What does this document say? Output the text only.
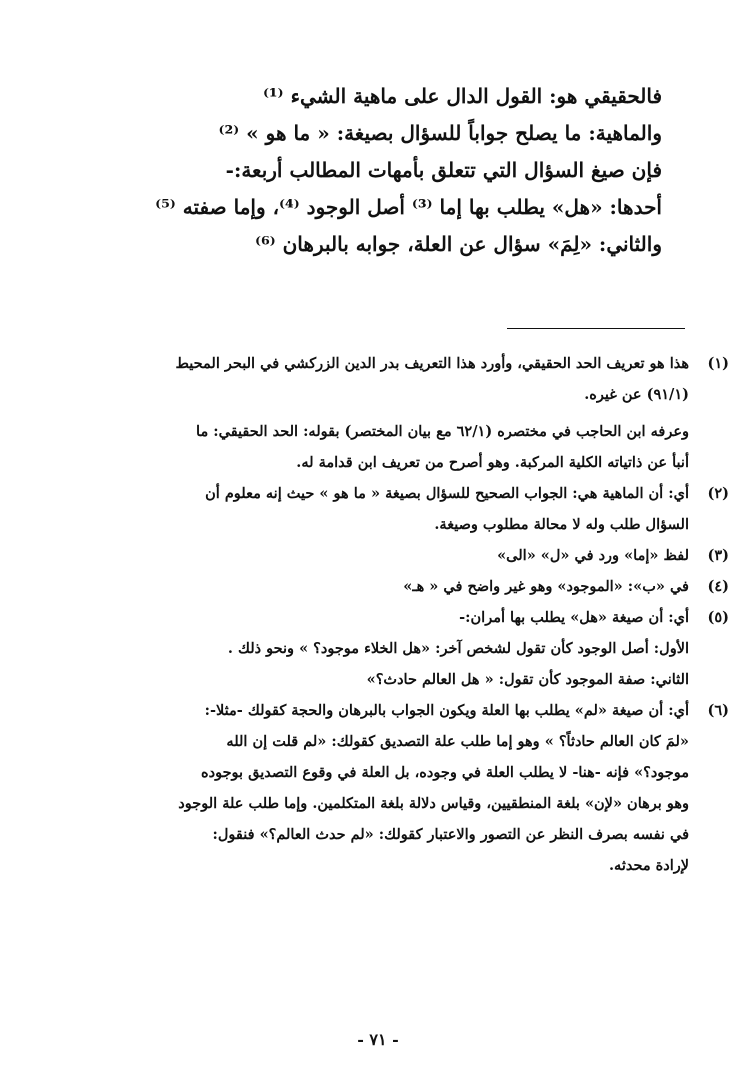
فالحقيقي هو: القول الدال على ماهية الشيء ⁽¹⁾
والماهية: ما يصلح جواباً للسؤال بصيغة: « ما هو » ⁽²⁾
فإن صيغ السؤال التي تتعلق بأمهات المطالب أربعة:-
أحدها: «هل» يطلب بها إما ⁽³⁾ أصل الوجود ⁽⁴⁾، وإما صفته ⁽⁵⁾
والثاني: «لِمَ» سؤال عن العلة، جوابه بالبرهان ⁽⁶⁾
(١)
هذا هو تعريف الحد الحقيقي، وأورد هذا التعريف بدر الدين الزركشي في البحر المحيط
(٩١/١) عن غيره.
وعرفه ابن الحاجب في مختصره (٦٢/١ مع بيان المختصر) بقوله: الحد الحقيقي: ما
أنبأ عن ذاتياته الكلية المركبة. وهو أصرح من تعريف ابن قدامة له.
(٢)
أي: أن الماهية هي: الجواب الصحيح للسؤال بصيغة « ما هو » حيث إنه معلوم أن
السؤال طلب وله لا محالة مطلوب وصيغة.
(٣)
لفظ «إما» ورد في «ل» «الى»
(٤)
في «ب»: «الموجود» وهو غير واضح في « هـ»
(٥)
أي: أن صيغة «هل» يطلب بها أمران:-
الأول: أصل الوجود كأن تقول لشخص آخر: «هل الخلاء موجود؟ » ونحو ذلك .
الثاني: صفة الموجود كأن تقول: « هل العالم حادث؟»
(٦)
أي: أن صيغة «لم» يطلب بها العلة ويكون الجواب بالبرهان والحجة كقولك -مثلا-:
«لمَ كان العالم حادثاً؟ » وهو إما طلب علة التصديق كقولك: «لم قلت إن الله
موجود؟» فإنه -هنا- لا يطلب العلة في وجوده، بل العلة في وقوع التصديق بوجوده
وهو برهان «لإن» بلغة المنطقيين، وقياس دلالة بلغة المتكلمين. وإما طلب علة الوجود
في نفسه بصرف النظر عن التصور والاعتبار كقولك: «لم حدث العالم؟» فنقول:
لإرادة محدثه.
- ٧١ -
